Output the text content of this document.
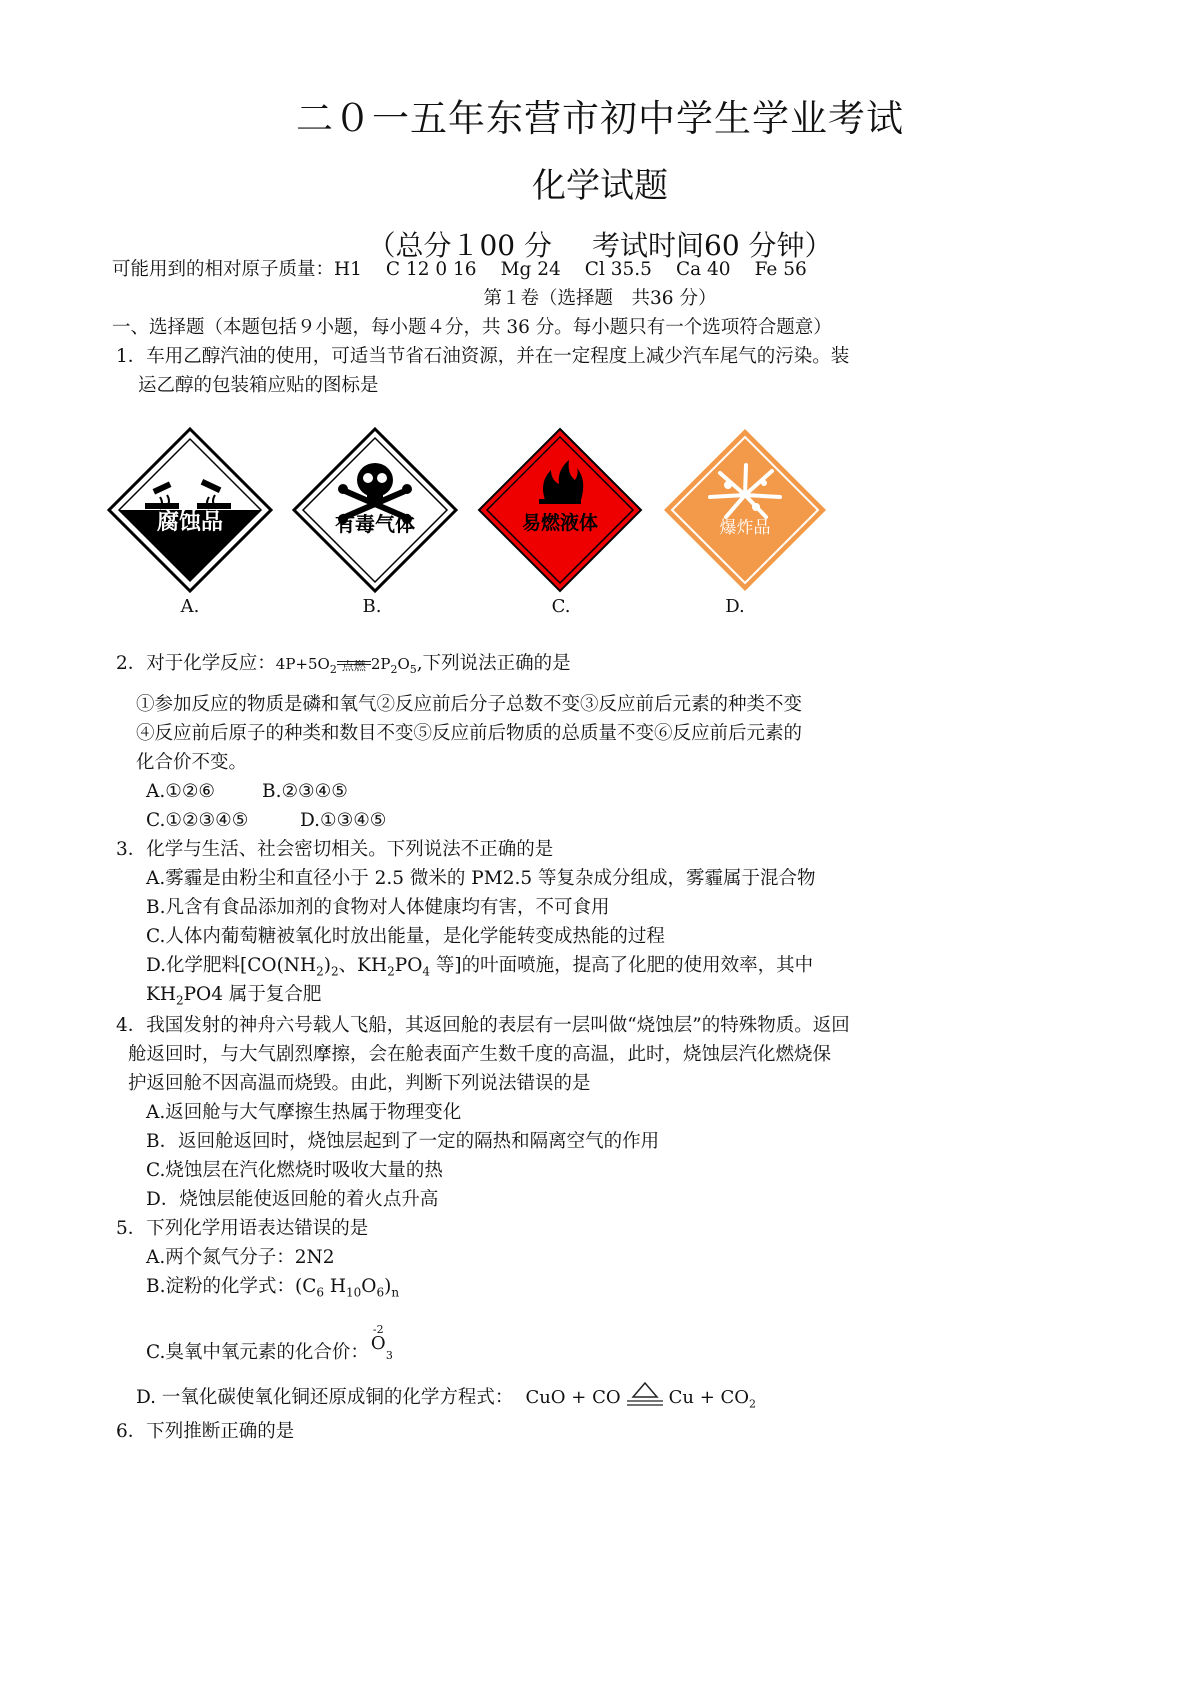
二０一五年东营市初中学生学业考试
化学试题
（总分１00 分 考试时间60 分钟）
可能用到的相对原子质量：H1 C 12 0 16 Mg 24 Cl 35.5 Ca 40 Fe 56
第１卷（选择题　共36 分）
一、选择题（本题包括９小题，每小题４分，共 36 分。每小题只有一个选项符合题意）
1．车用乙醇汽油的使用，可适当节省石油资源，并在一定程度上减少汽车尾气的污染。装
运乙醇的包装箱应贴的图标是
腐蚀品
A.
有毒气体
B.
易燃液体
C.
爆炸品
D.
2．对于化学反应：$4P+5O_2$ 点燃 $2P_2O_5$,下列说法正确的是
①参加反应的物质是磷和氧气②反应前后分子总数不变③反应前后元素的种类不变
④反应前后原子的种类和数目不变⑤反应前后物质的总质量不变⑥反应前后元素的
化合价不变。
A.①②⑥	B.②③④⑤
C.①②③④⑤	D.①③④⑤
3．化学与生活、社会密切相关。下列说法不正确的是
A.雾霾是由粉尘和直径小于 2.5 微米的 PM2.5 等复杂成分组成，雾霾属于混合物
B.凡含有食品添加剂的食物对人体健康均有害，不可食用
C.人体内葡萄糖被氧化时放出能量，是化学能转变成热能的过程
D.化学肥料[$CO(NH_2)_2$、$KH_2PO_4$ 等]的叶面喷施，提高了化肥的使用效率，其中
$KH_2PO4$ 属于复合肥
4．我国发射的神舟六号载人飞船，其返回舱的表层有一层叫做“烧蚀层”的特殊物质。返回
舱返回时，与大气剧烈摩擦，会在舱表面产生数千度的高温，此时，烧蚀层汽化燃烧保
护返回舱不因高温而烧毁。由此，判断下列说法错误的是
A.返回舱与大气摩擦生热属于物理变化
B．返回舱返回时，烧蚀层起到了一定的隔热和隔离空气的作用
C.烧蚀层在汽化燃烧时吸收大量的热
D．烧蚀层能使返回舱的着火点升高
5．下列化学用语表达错误的是
A.两个氮气分子：2N2
B.淀粉的化学式：($C_6$ $H_{10}O_6)_n$
C.臭氧中氧元素的化合价：
-2
O
3
D. 一氧化碳使氧化铜还原成铜的化学方程式： CuO + CO	$Cu + CO_2$
6．下列推断正确的是
